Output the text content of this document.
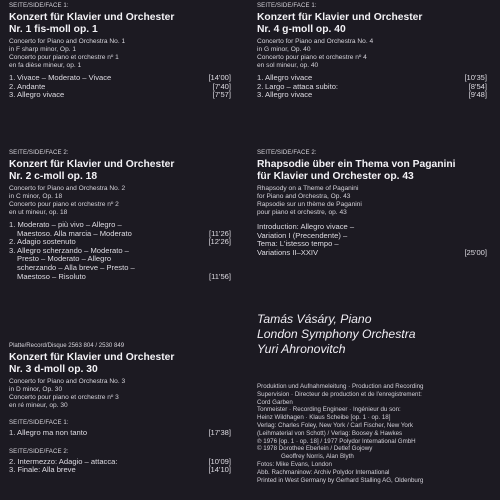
SEITE/SIDE/FACE 1:
Konzert für Klavier und Orchester
Nr. 1 fis-moll op. 1
Concerto for Piano and Orchestra No. 1
in F sharp minor, Op. 1
Concerto pour piano et orchestre nº 1
en fa dièse mineur, op. 1
1. Vivace – Moderato – Vivace	[14'00]
2. Andante	[7'40]
3. Allegro vivace	[7'57]
SEITE/SIDE/FACE 2:
Konzert für Klavier und Orchester
Nr. 2 c-moll op. 18
Concerto for Piano and Orchestra No. 2
in C minor, Op. 18
Concerto pour piano et orchestre nº 2
en ut mineur, op. 18
1. Moderato – più vivo – Allegro –
Maestoso. Alla marcia – Moderato	[11'26]
2. Adagio sostenuto	[12'26]
3. Allegro scherzando – Moderato –
Presto – Moderato – Allegro
scherzando – Alla breve – Presto –
Maestoso – Risoluto	[11'56]
Platte/Record/Disque 2563 804 / 2530 849
Konzert für Klavier und Orchester
Nr. 3 d-moll op. 30
Concerto for Piano and Orchestra No. 3
in D minor, Op. 30
Concerto pour piano et orchestre nº 3
en ré mineur, op. 30
SEITE/SIDE/FACE 1:
1. Allegro ma non tanto	[17'38]
SEITE/SIDE/FACE 2:
2. Intermezzo: Adagio – attacca:	[10'09]
3. Finale: Alla breve	[14'10]
SEITE/SIDE/FACE 1:
Konzert für Klavier und Orchester
Nr. 4 g-moll op. 40
Concerto for Piano and Orchestra No. 4
in G minor, Op. 40
Concerto pour piano et orchestre nº 4
en sol mineur, op. 40
1. Allegro vivace	[10'35]
2. Largo – attaca subito:	[8'54]
3. Allegro vivace	[9'48]
SEITE/SIDE/FACE 2:
Rhapsodie über ein Thema von Paganini
für Klavier und Orchester op. 43
Rhapsody on a Theme of Paganini
for Piano and Orchestra, Op. 43
Rapsodie sur un thème de Paganini
pour piano et orchestre, op. 43
Introduction: Allegro vivace –
Variation I (Precendente) –
Tema: L'istesso tempo –
Variations II–XXIV	[25'00]
Tamás Vásáry, Piano
London Symphony Orchestra
Yuri Ahronovitch
Produktion und Aufnahmeleitung · Production and Recording
Supervision · Directeur de production et de l'enregistrement:
Cord Garben
Tonmeister · Recording Engineer · Ingénieur du son:
Heinz Wildhagen · Klaus Scheibe [op. 1 · op. 18]
Verlag: Charles Foley, New York / Carl Fischer, New York
(Leihmaterial von Schott) / Verlag: Boosey & Hawkes
℗ 1976 [op. 1 · op. 18] / 1977 Polydor International GmbH
© 1978 Dorothee Eberlein / Detlef Gojowy
Geoffrey Norris, Alan Blyth
Fotos: Mike Evans, London
Abb. Rachmaninow: Archiv Polydor International
Printed in West Germany by Gerhard Stalling AG, Oldenburg
